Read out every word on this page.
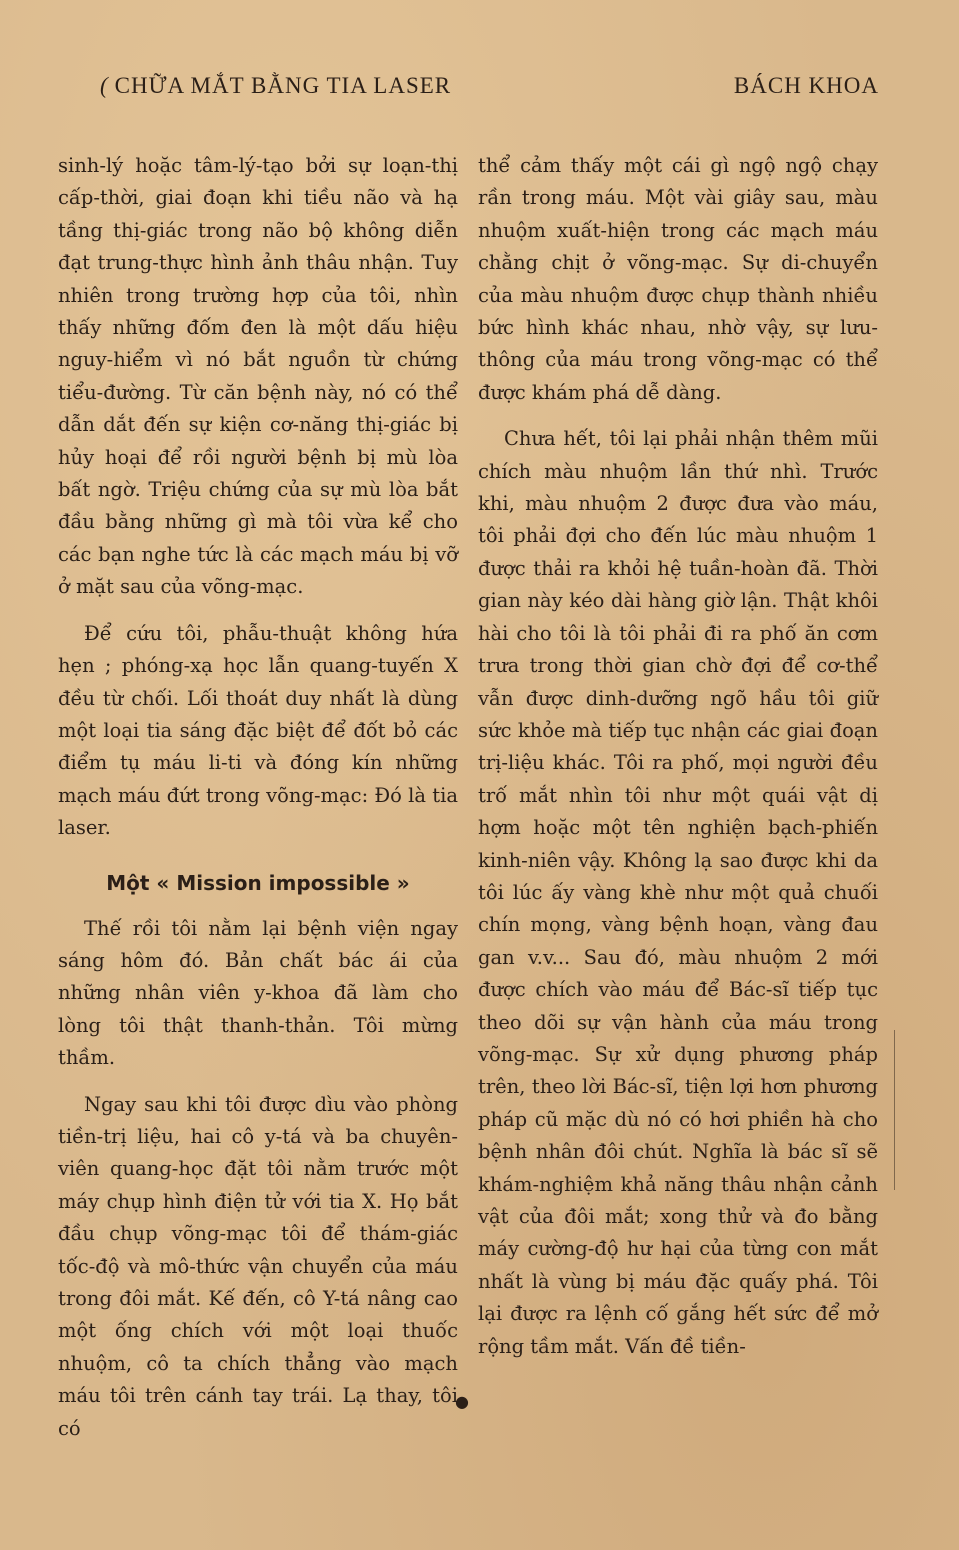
( CHỮA MẮT BẰNG TIA LASER	BÁCH KHOA

sinh-lý hoặc tâm-lý-tạo bởi sự loạn-thị cấp-thời, giai đoạn khi tiều não và hạ tầng thị-giác trong não bộ không diễn đạt trung-thực hình ảnh thâu nhận. Tuy nhiên trong trường hợp của tôi, nhìn thấy những đốm đen là một dấu hiệu nguy-hiểm vì nó bắt nguồn từ chứng tiểu-đường. Từ căn bệnh này, nó có thể dẫn dắt đến sự kiện cơ-năng thị-giác bị hủy hoại để rồi người bệnh bị mù lòa bất ngờ. Triệu chứng của sự mù lòa bắt đầu bằng những gì mà tôi vừa kể cho các bạn nghe tức là các mạch máu bị vỡ ở mặt sau của võng-mạc.

Để cứu tôi, phẫu-thuật không hứa hẹn ; phóng-xạ học lẫn quang-tuyến X đều từ chối. Lối thoát duy nhất là dùng một loại tia sáng đặc biệt để đốt bỏ các điểm tụ máu li-ti và đóng kín những mạch máu đứt trong võng-mạc: Đó là tia laser.

Một « Mission impossible »

Thế rồi tôi nằm lại bệnh viện ngay sáng hôm đó. Bản chất bác ái của những nhân viên y-khoa đã làm cho lòng tôi thật thanh-thản. Tôi mừng thầm.

Ngay sau khi tôi được dìu vào phòng tiền-trị liệu, hai cô y-tá và ba chuyên-viên quang-học đặt tôi nằm trước một máy chụp hình điện tử với tia X. Họ bắt đầu chụp võng-mạc tôi để thám-giác tốc-độ và mô-thức vận chuyển của máu trong đôi mắt. Kế đến, cô Y-tá nâng cao một ống chích với một loại thuốc nhuộm, cô ta chích thẳng vào mạch máu tôi trên cánh tay trái. Lạ thay, tôi có

thể cảm thấy một cái gì ngộ ngộ chạy rần trong máu. Một vài giây sau, màu nhuộm xuất-hiện trong các mạch máu chằng chịt ở võng-mạc. Sự di-chuyển của màu nhuộm được chụp thành nhiều bức hình khác nhau, nhờ vậy, sự lưu-thông của máu trong võng-mạc có thể được khám phá dễ dàng.

Chưa hết, tôi lại phải nhận thêm mũi chích màu nhuộm lần thứ nhì. Trước khi, màu nhuộm 2 được đưa vào máu, tôi phải đợi cho đến lúc màu nhuộm 1 được thải ra khỏi hệ tuần-hoàn đã. Thời gian này kéo dài hàng giờ lận. Thật khôi hài cho tôi là tôi phải đi ra phố ăn cơm trưa trong thời gian chờ đợi để cơ-thể vẫn được dinh-dưỡng ngõ hầu tôi giữ sức khỏe mà tiếp tục nhận các giai đoạn trị-liệu khác. Tôi ra phố, mọi người đều trố mắt nhìn tôi như một quái vật dị hợm hoặc một tên nghiện bạch-phiến kinh-niên vậy. Không lạ sao được khi da tôi lúc ấy vàng khè như một quả chuối chín mọng, vàng bệnh hoạn, vàng đau gan v.v... Sau đó, màu nhuộm 2 mới được chích vào máu để Bác-sĩ tiếp tục theo dõi sự vận hành của máu trong võng-mạc. Sự xử dụng phương pháp trên, theo lời Bác-sĩ, tiện lợi hơn phương pháp cũ mặc dù nó có hơi phiền hà cho bệnh nhân đôi chút. Nghĩa là bác sĩ sẽ khám-nghiệm khả năng thâu nhận cảnh vật của đôi mắt; xong thử và đo bằng máy cường-độ hư hại của từng con mắt nhất là vùng bị máu đặc quấy phá. Tôi lại được ra lệnh cố gắng hết sức để mở rộng tầm mắt. Vấn đề tiền-

●
